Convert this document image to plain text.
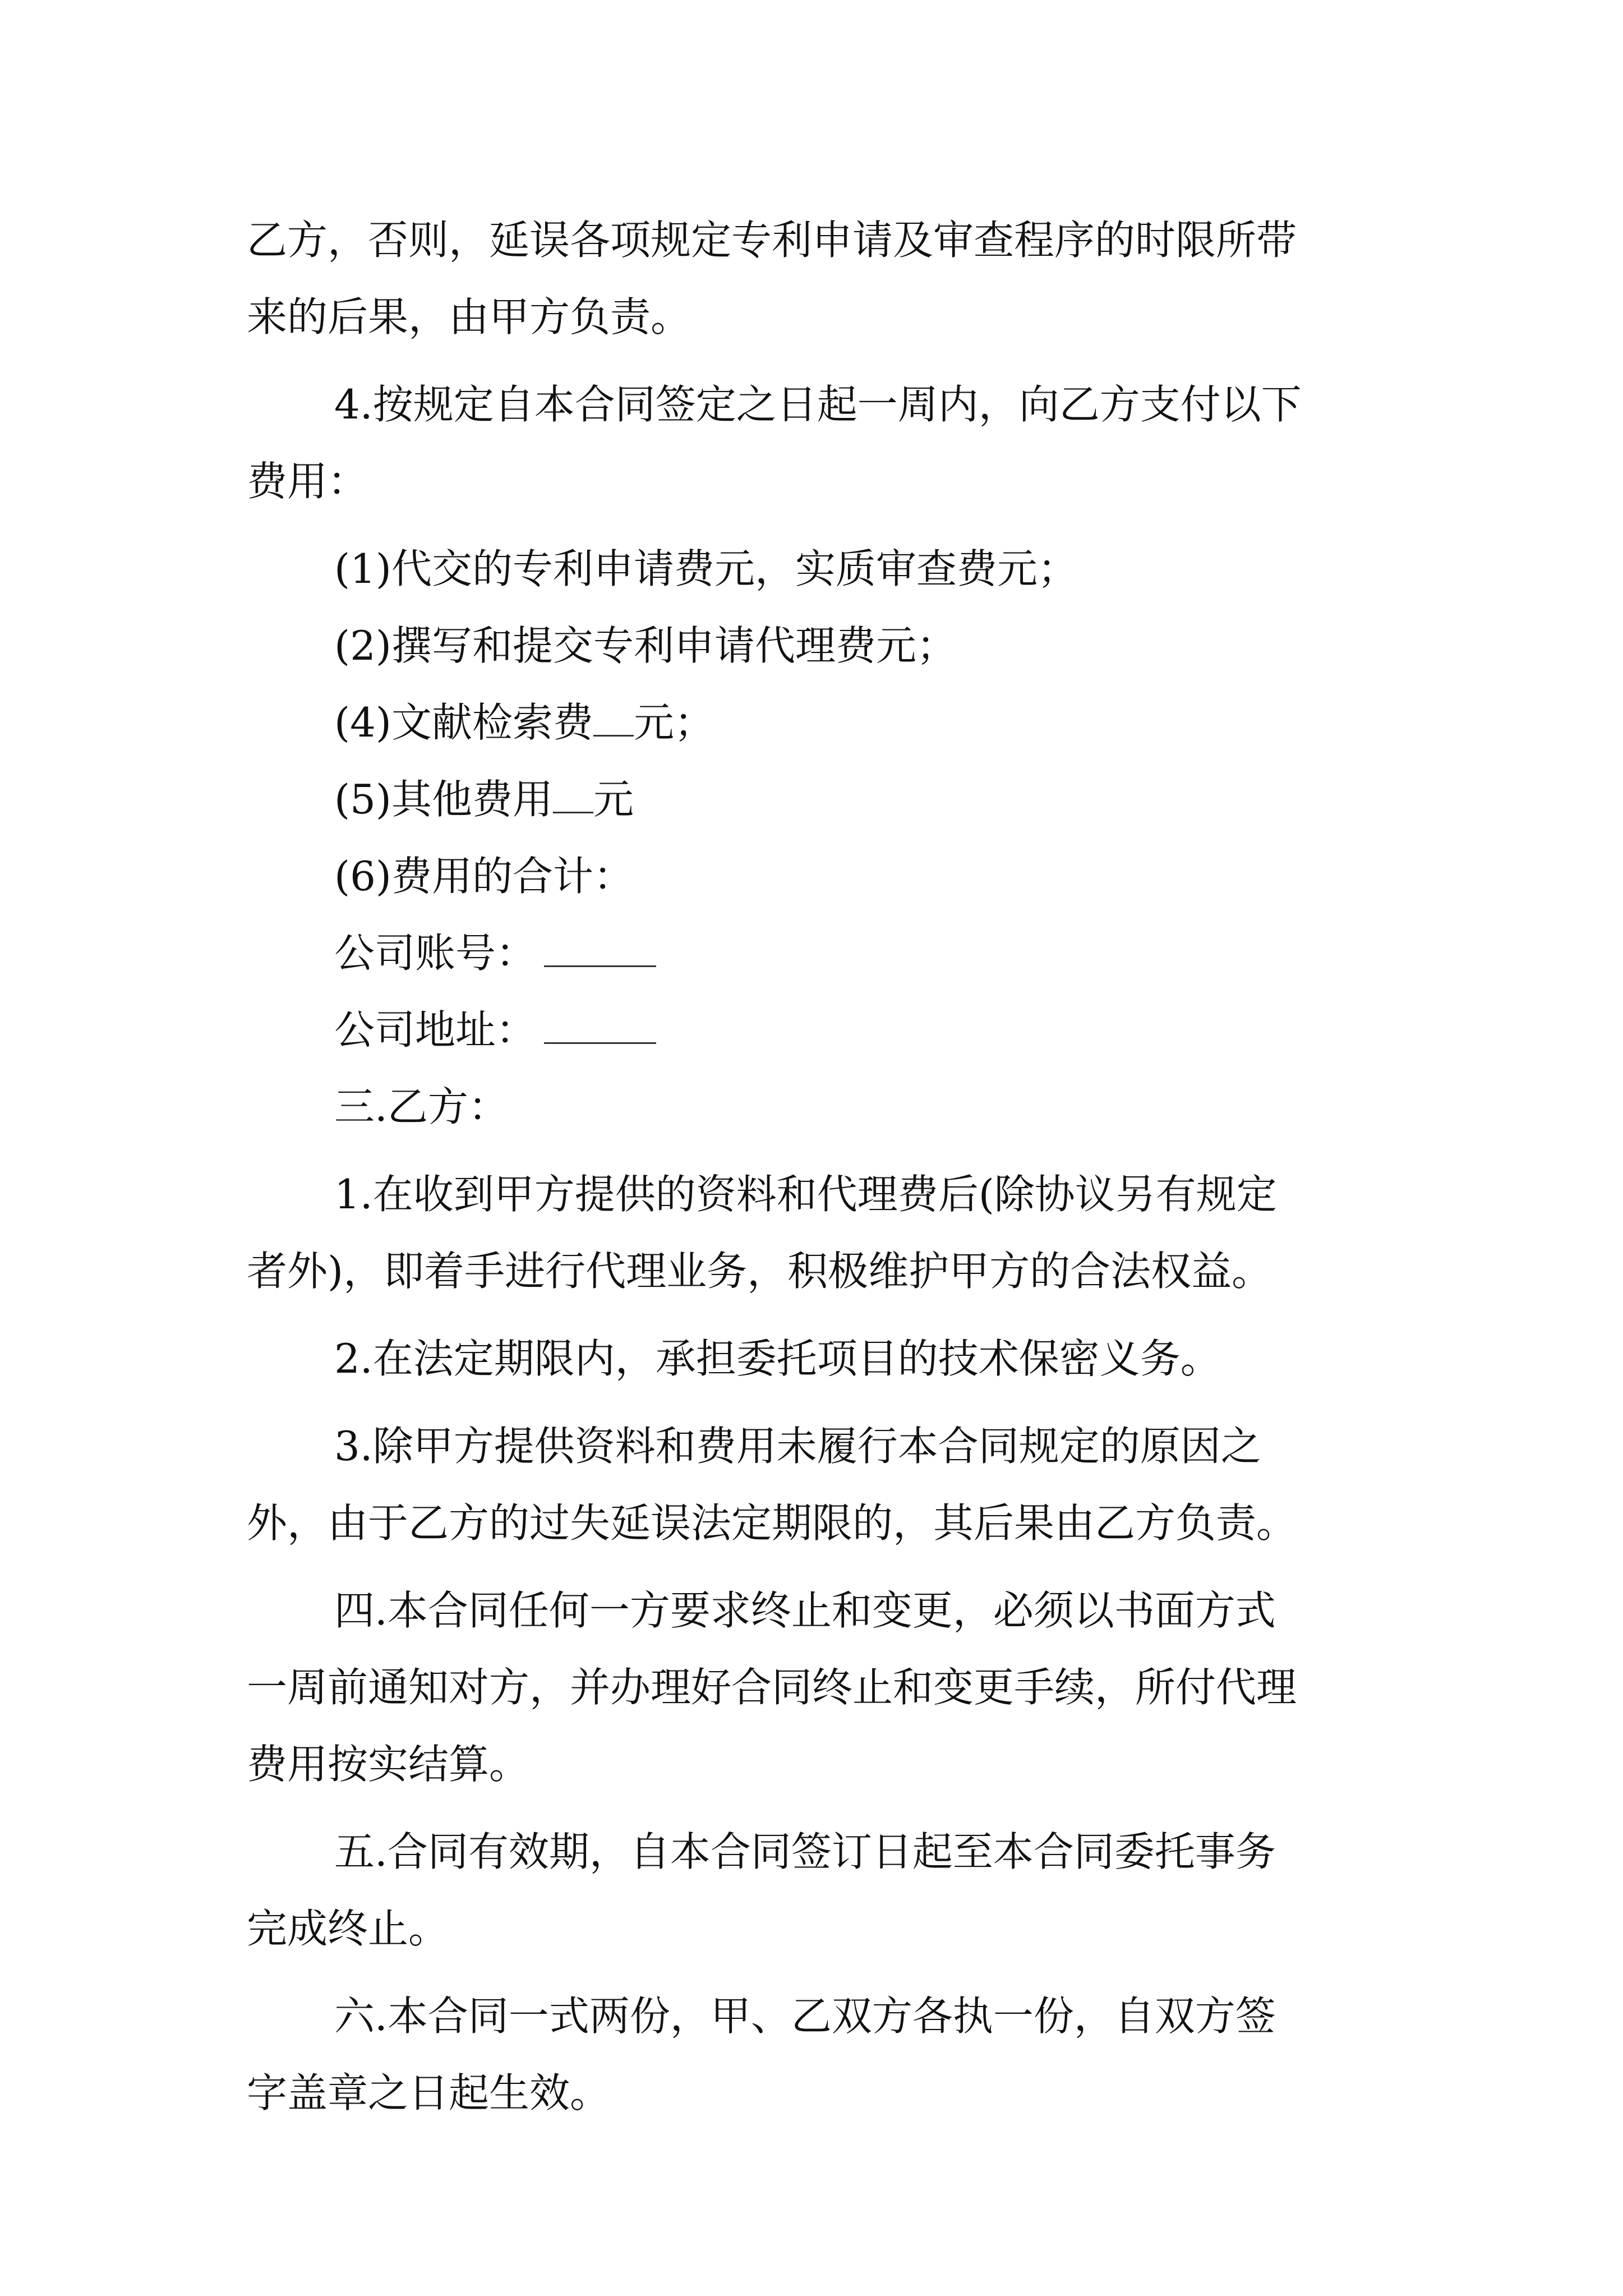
乙方，否则，延误各项规定专利申请及审查程序的时限所带
来的后果，由甲方负责。
4.按规定自本合同签定之日起一周内，向乙方支付以下
费用：
(1)代交的专利申请费元，实质审查费元；
(2)撰写和提交专利申请代理费元；
(4)文献检索费 元；
(5)其他费用 元
(6)费用的合计：
公司账号：
公司地址：
三.乙方：
1.在收到甲方提供的资料和代理费后(除协议另有规定
者外)，即着手进行代理业务，积极维护甲方的合法权益。
2.在法定期限内，承担委托项目的技术保密义务。
3.除甲方提供资料和费用未履行本合同规定的原因之
外，由于乙方的过失延误法定期限的，其后果由乙方负责。
四.本合同任何一方要求终止和变更，必须以书面方式
一周前通知对方，并办理好合同终止和变更手续，所付代理
费用按实结算。
五.合同有效期，自本合同签订日起至本合同委托事务
完成终止。
六.本合同一式两份，甲、乙双方各执一份，自双方签
字盖章之日起生效。
